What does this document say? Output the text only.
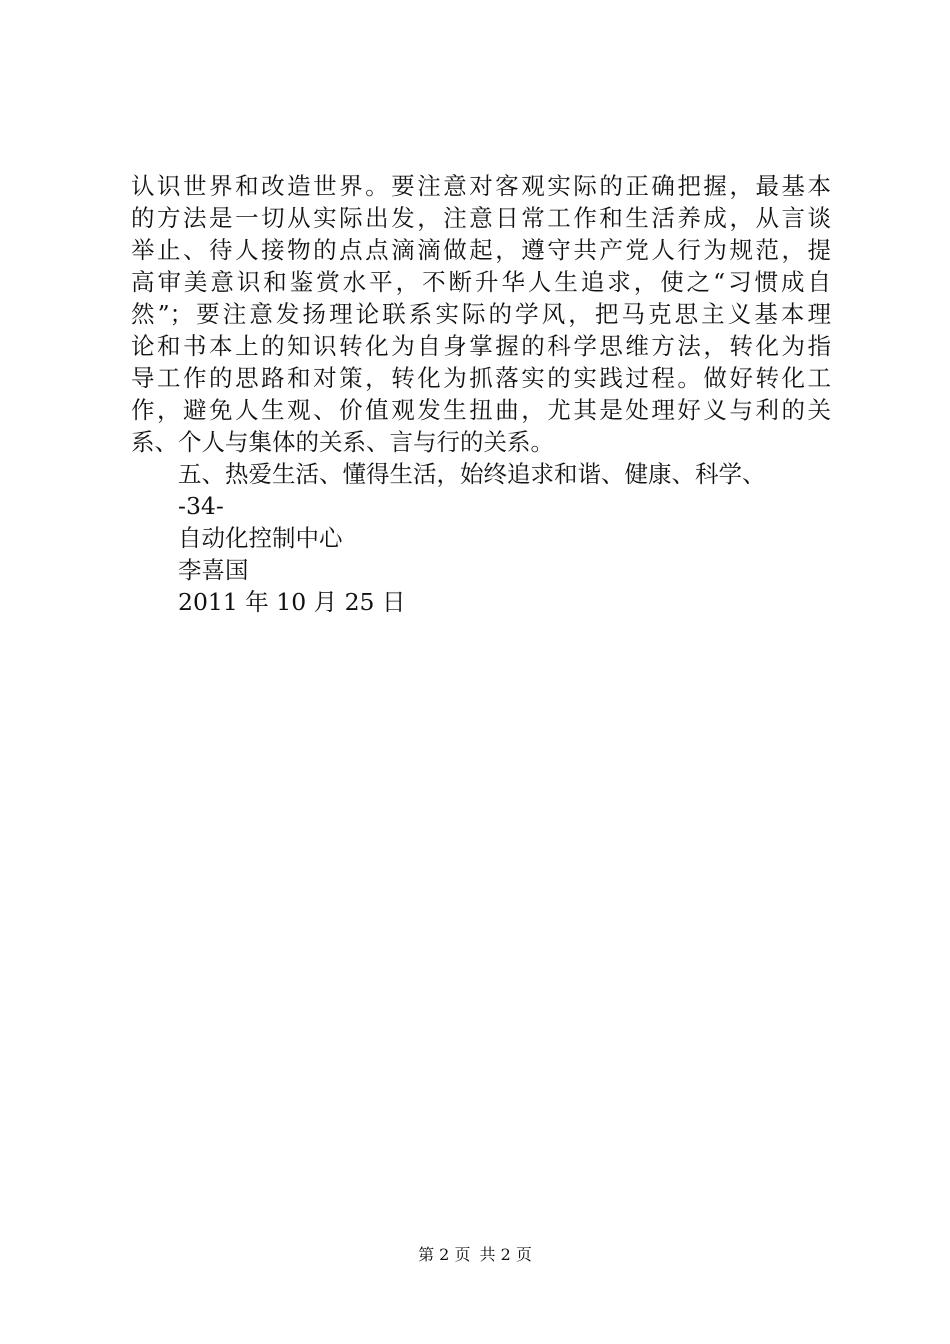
认识世界和改造世界。要注意对客观实际的正确把握，最基本
的方法是一切从实际出发，注意日常工作和生活养成，从言谈
举止、待人接物的点点滴滴做起，遵守共产党人行为规范，提
高审美意识和鉴赏水平，不断升华人生追求，使之“习惯成自
然”；要注意发扬理论联系实际的学风，把马克思主义基本理
论和书本上的知识转化为自身掌握的科学思维方法，转化为指
导工作的思路和对策，转化为抓落实的实践过程。做好转化工
作，避免人生观、价值观发生扭曲，尤其是处理好义与利的关
系、个人与集体的关系、言与行的关系。
五、热爱生活、懂得生活，始终追求和谐、健康、科学、
-34-
自动化控制中心
李喜国
2011 年 10 月 25 日
第 2 页 共 2 页
